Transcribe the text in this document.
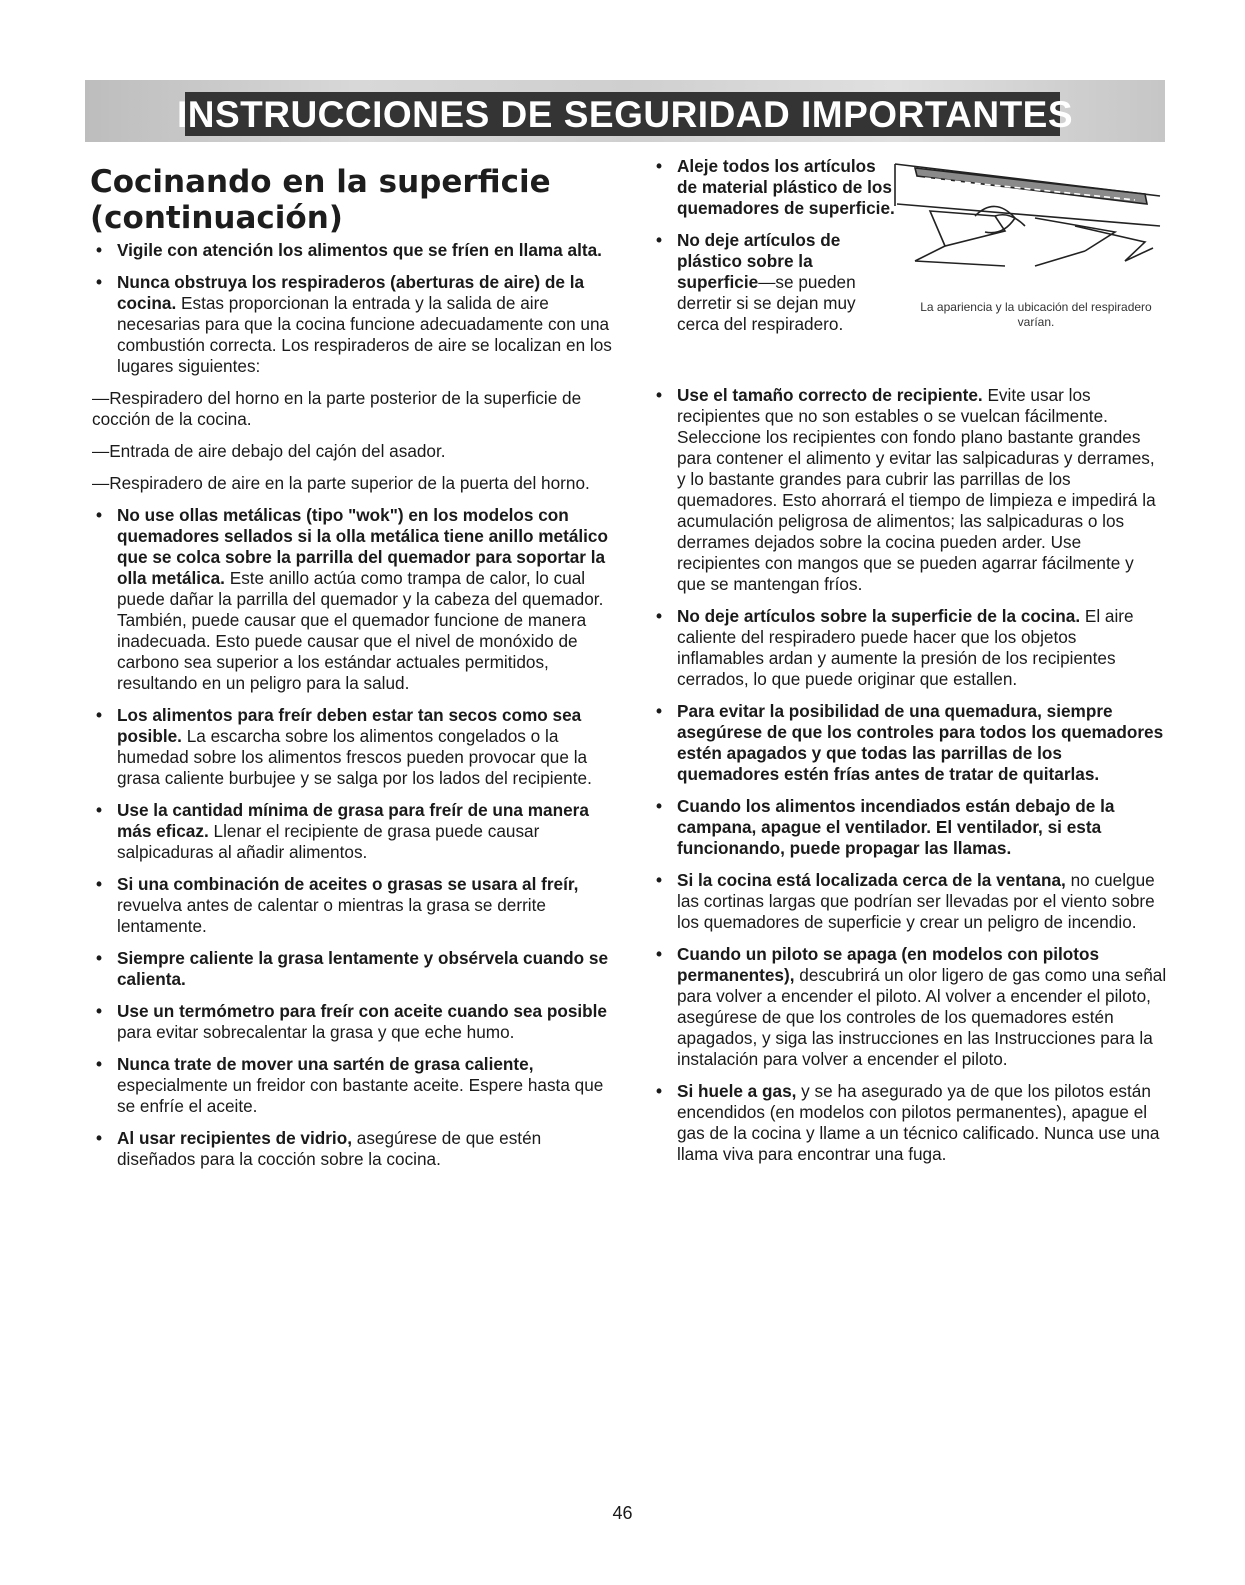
INSTRUCCIONES DE SEGURIDAD IMPORTANTES
Cocinando en la superficie
(continuación)
• Vigile con atención los alimentos que se fríen en llama alta.
• Nunca obstruya los respiraderos (aberturas de aire) de la cocina. Estas proporcionan la entrada y la salida de aire necesarias para que la cocina funcione adecuadamente con una combustión correcta. Los respiraderos de aire se localizan en los lugares siguientes:
—Respiradero del horno en la parte posterior de la superficie de cocción de la cocina.
—Entrada de aire debajo del cajón del asador.
—Respiradero de aire en la parte superior de la puerta del horno.
• No use ollas metálicas (tipo "wok") en los modelos con quemadores sellados si la olla metálica tiene anillo metálico que se colca sobre la parrilla del quemador para soportar la olla metálica. Este anillo actúa como trampa de calor, lo cual puede dañar la parrilla del quemador y la cabeza del quemador. También, puede causar que el quemador funcione de manera inadecuada. Esto puede causar que el nivel de monóxido de carbono sea superior a los estándar actuales permitidos, resultando en un peligro para la salud.
• Los alimentos para freír deben estar tan secos como sea posible. La escarcha sobre los alimentos congelados o la humedad sobre los alimentos frescos pueden provocar que la grasa caliente burbujee y se salga por los lados del recipiente.
• Use la cantidad mínima de grasa para freír de una manera más eficaz. Llenar el recipiente de grasa puede causar salpicaduras al añadir alimentos.
• Si una combinación de aceites o grasas se usara al freír, revuelva antes de calentar o mientras la grasa se derrite lentamente.
• Siempre caliente la grasa lentamente y obsérvela cuando se calienta.
• Use un termómetro para freír con aceite cuando sea posible para evitar sobrecalentar la grasa y que eche humo.
• Nunca trate de mover una sartén de grasa caliente, especialmente un freidor con bastante aceite. Espere hasta que se enfríe el aceite.
• Al usar recipientes de vidrio, asegúrese de que estén diseñados para la cocción sobre la cocina.
• Aleje todos los artículos de material plástico de los quemadores de superficie.
• No deje artículos de plástico sobre la superficie—se pueden derretir si se dejan muy cerca del respiradero.
La apariencia y la ubicación del respiradero varían.
• Use el tamaño correcto de recipiente. Evite usar los recipientes que no son estables o se vuelcan fácilmente. Seleccione los recipientes con fondo plano bastante grandes para contener el alimento y evitar las salpicaduras y derrames, y lo bastante grandes para cubrir las parrillas de los quemadores. Esto ahorrará el tiempo de limpieza e impedirá la acumulación peligrosa de alimentos; las salpicaduras o los derrames dejados sobre la cocina pueden arder. Use recipientes con mangos que se pueden agarrar fácilmente y que se mantengan fríos.
• No deje artículos sobre la superficie de la cocina. El aire caliente del respiradero puede hacer que los objetos inflamables ardan y aumente la presión de los recipientes cerrados, lo que puede originar que estallen.
• Para evitar la posibilidad de una quemadura, siempre asegúrese de que los controles para todos los quemadores estén apagados y que todas las parrillas de los quemadores estén frías antes de tratar de quitarlas.
• Cuando los alimentos incendiados están debajo de la campana, apague el ventilador. El ventilador, si esta funcionando, puede propagar las llamas.
• Si la cocina está localizada cerca de la ventana, no cuelgue las cortinas largas que podrían ser llevadas por el viento sobre los quemadores de superficie y crear un peligro de incendio.
• Cuando un piloto se apaga (en modelos con pilotos permanentes), descubrirá un olor ligero de gas como una señal para volver a encender el piloto. Al volver a encender el piloto, asegúrese de que los controles de los quemadores estén apagados, y siga las instrucciones en las Instrucciones para la instalación para volver a encender el piloto.
• Si huele a gas, y se ha asegurado ya de que los pilotos están encendidos (en modelos con pilotos permanentes), apague el gas de la cocina y llame a un técnico calificado. Nunca use una llama viva para encontrar una fuga.
46
